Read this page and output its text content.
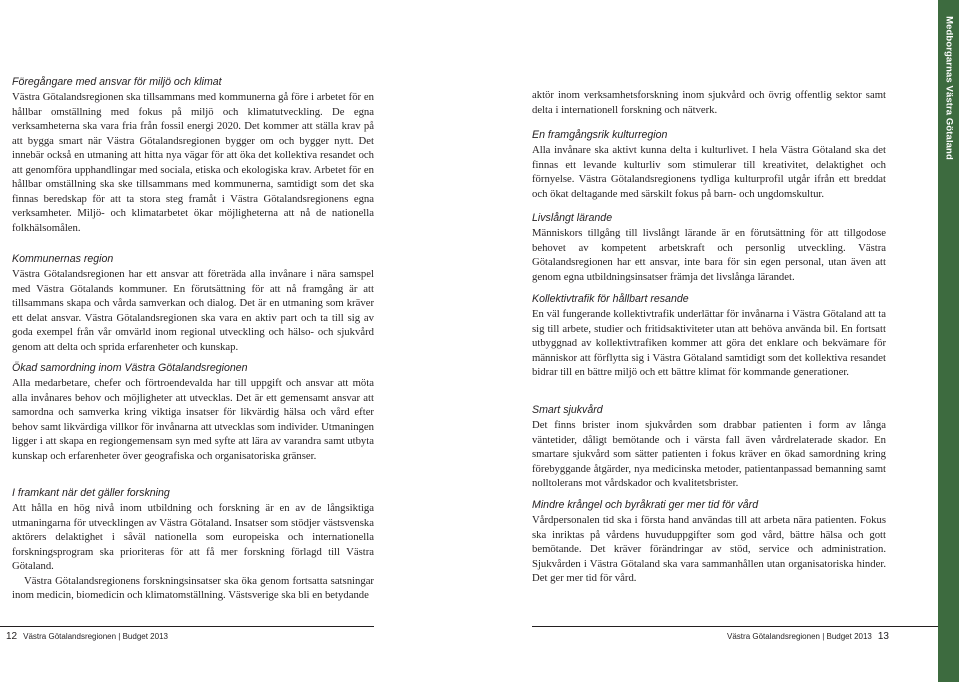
Föregångare med ansvar för miljö och klimat

Västra Götalandsregionen ska tillsammans med kommunerna gå före i arbetet för en hållbar omställning med fokus på miljö och klimatutveckling. De egna verksamheterna ska vara fria från fossil energi 2020. Det kommer att ställa krav på att bygga smart när Västra Götalandsregionen bygger om och bygger nytt. Det innebär också en utmaning att hitta nya vägar för att öka det kollektiva resandet och att genomföra upphandlingar med sociala, etiska och ekologiska krav. Arbetet för en hållbar omställning ska ske tillsammans med kommunerna, samtidigt som det ska finnas beredskap för att ta stora steg framåt i Västra Götalandsregionens egna verksamheter. Miljö- och klimatarbetet ökar möjligheterna att nå de nationella folkhälsomålen.

Kommunernas region

Västra Götalandsregionen har ett ansvar att företräda alla invånare i nära samspel med Västra Götalands kommuner. En förutsättning för att nå framgång är att tillsammans skapa och vårda samverkan och dialog. Det är en utmaning som kräver ett delat ansvar. Västra Götalandsregionen ska vara en aktiv part och ta till sig av goda exempel från vår omvärld inom regional utveckling och hälso- och sjukvård genom att delta och sprida erfarenheter och kunskap.

Ökad samordning inom Västra Götalandsregionen

Alla medarbetare, chefer och förtroendevalda har till uppgift och ansvar att möta alla invånares behov och möjligheter att utvecklas. Det är ett gemensamt ansvar att samordna och samverka kring viktiga insatser för likvärdig hälsa och vård efter behov samt likvärdiga villkor för invånarna att utvecklas som individer. Utmaningen ligger i att skapa en regiongemensam syn med syfte att lära av varandra samt utbyta kunskap och erfarenheter över geografiska och organisatoriska gränser.

I framkant när det gäller forskning

Att hålla en hög nivå inom utbildning och forskning är en av de långsiktiga utmaningarna för utvecklingen av Västra Götaland. Insatser som stödjer västsvenska aktörers delaktighet i såväl nationella som europeiska och internationella forskningsprogram ska prioriteras för att få mer forskning förlagd till Västra Götaland.

Västra Götalandsregionens forskningsinsatser ska öka genom fortsatta satsningar inom medicin, biomedicin och klimatomställning. Västsverige ska bli en betydande

aktör inom verksamhetsforskning inom sjukvård och övrig offentlig sektor samt delta i internationell forskning och nätverk.

En framgångsrik kulturregion

Alla invånare ska aktivt kunna delta i kulturlivet. I hela Västra Götaland ska det finnas ett levande kulturliv som stimulerar till kreativitet, delaktighet och förnyelse. Västra Götalandsregionens tydliga kulturprofil utgår ifrån ett breddat och ökat deltagande med särskilt fokus på barn- och ungdomskultur.

Livslångt lärande

Människors tillgång till livslångt lärande är en förutsättning för att tillgodose behovet av kompetent arbetskraft och personlig utveckling. Västra Götalandsregionen har ett ansvar, inte bara för sin egen personal, utan även att genom egna utbildningsinsatser främja det livslånga lärandet.

Kollektivtrafik för hållbart resande

En väl fungerande kollektivtrafik underlättar för invånarna i Västra Götaland att ta sig till arbete, studier och fritidsaktiviteter utan att behöva använda bil. En fortsatt utbyggnad av kollektivtrafiken kommer att göra det enklare och bekvämare för människor att förflytta sig i Västra Götaland samtidigt som det kollektiva resandet bidrar till en bättre miljö och ett bättre klimat för kommande generationer.

Smart sjukvård

Det finns brister inom sjukvården som drabbar patienten i form av långa väntetider, dåligt bemötande och i värsta fall även vårdrelaterade skador. En smartare sjukvård som sätter patienten i fokus kräver en ökad samordning kring förebyggande åtgärder, nya medicinska metoder, patientanpassad bemanning samt nolltolerans mot vårdskador och kvalitetsbrister.

Mindre krångel och byråkrati ger mer tid för vård

Vårdpersonalen tid ska i första hand användas till att arbeta nära patienten. Fokus ska inriktas på vårdens huvuduppgifter som god vård, bättre hälsa och gott bemötande. Det kräver förändringar av stöd, service och administration. Sjukvården i Västra Götaland ska vara sammanhållen utan organisatoriska hinder. Det ger mer tid för vård.

Medborgarnas Västra Götaland
12 Västra Götalandsregionen | Budget 2013	Västra Götalandsregionen | Budget 2013 13
